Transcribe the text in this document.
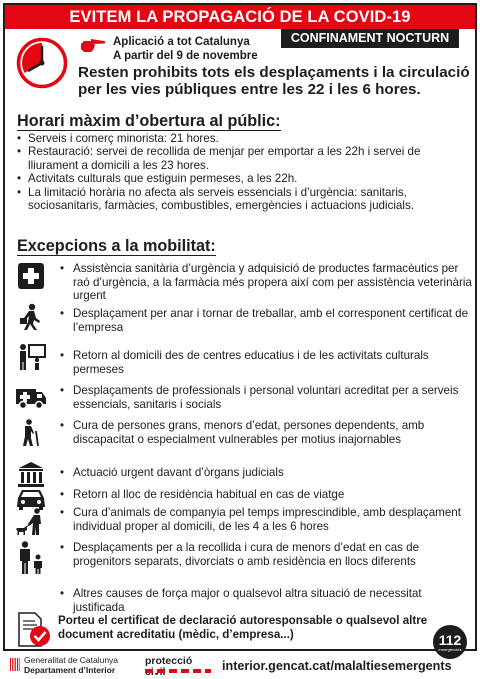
EVITEM LA PROPAGACIÓ DE LA COVID-19
Aplicació a tot Catalunya
A partir del 9 de novembre
CONFINAMENT NOCTURN
Resten prohibits tots els desplaçaments i la circulació per les vies públiques entre les 22 i les 6 hores.
Horari màxim d’obertura al públic:
• Serveis i comerç minorista: 21 hores.
• Restauració: servei de recollida de menjar per emportar a les 22h i servei de lliurament a domicili a les 23 hores.
• Activitats culturals que estiguin permeses, a les 22h.
• La limitació horària no afecta als serveis essencials i d’urgència: sanitaris, sociosanitaris, farmàcies, combustibles, emergències i actuacions judicials.
Excepcions a la mobilitat:
• Assistència sanitària d’urgència y adquisició de productes farmacèutics per raó d’urgència, a la farmàcia més propera així com per assistència veterinària urgent
• Desplaçament per anar i tornar de treballar, amb el corresponent certificat de l’empresa
• Retorn al domicili des de centres educatius i de les activitats culturals permeses
• Desplaçaments de professionals i personal voluntari acreditat per a serveis essencials, sanitaris i socials
• Cura de persones grans, menors d’edat, persones dependents, amb discapacitat o especialment vulnerables per motius inajornables
• Actuació urgent davant d’òrgans judicials
• Retorn al lloc de residència habitual en cas de viatge
• Cura d’animals de companyia pel temps imprescindible, amb desplaçament individual proper al domicili, de les 4 a les 6 hores
• Desplaçaments per a la recollida i cura de menors d’edat en cas de progenitors separats, divorciats o amb residència en llocs diferents
• Altres causes de força major o qualsevol altra situació de necessitat justificada
Porteu el certificat de declaració autoresponsable o qualsevol altre document acreditatiu (mèdic, d’empresa...)	112
emergències
Generalitat de Catalunya
Departament d’Interior
protecció	interior.gencat.cat/malaltiesemergents
